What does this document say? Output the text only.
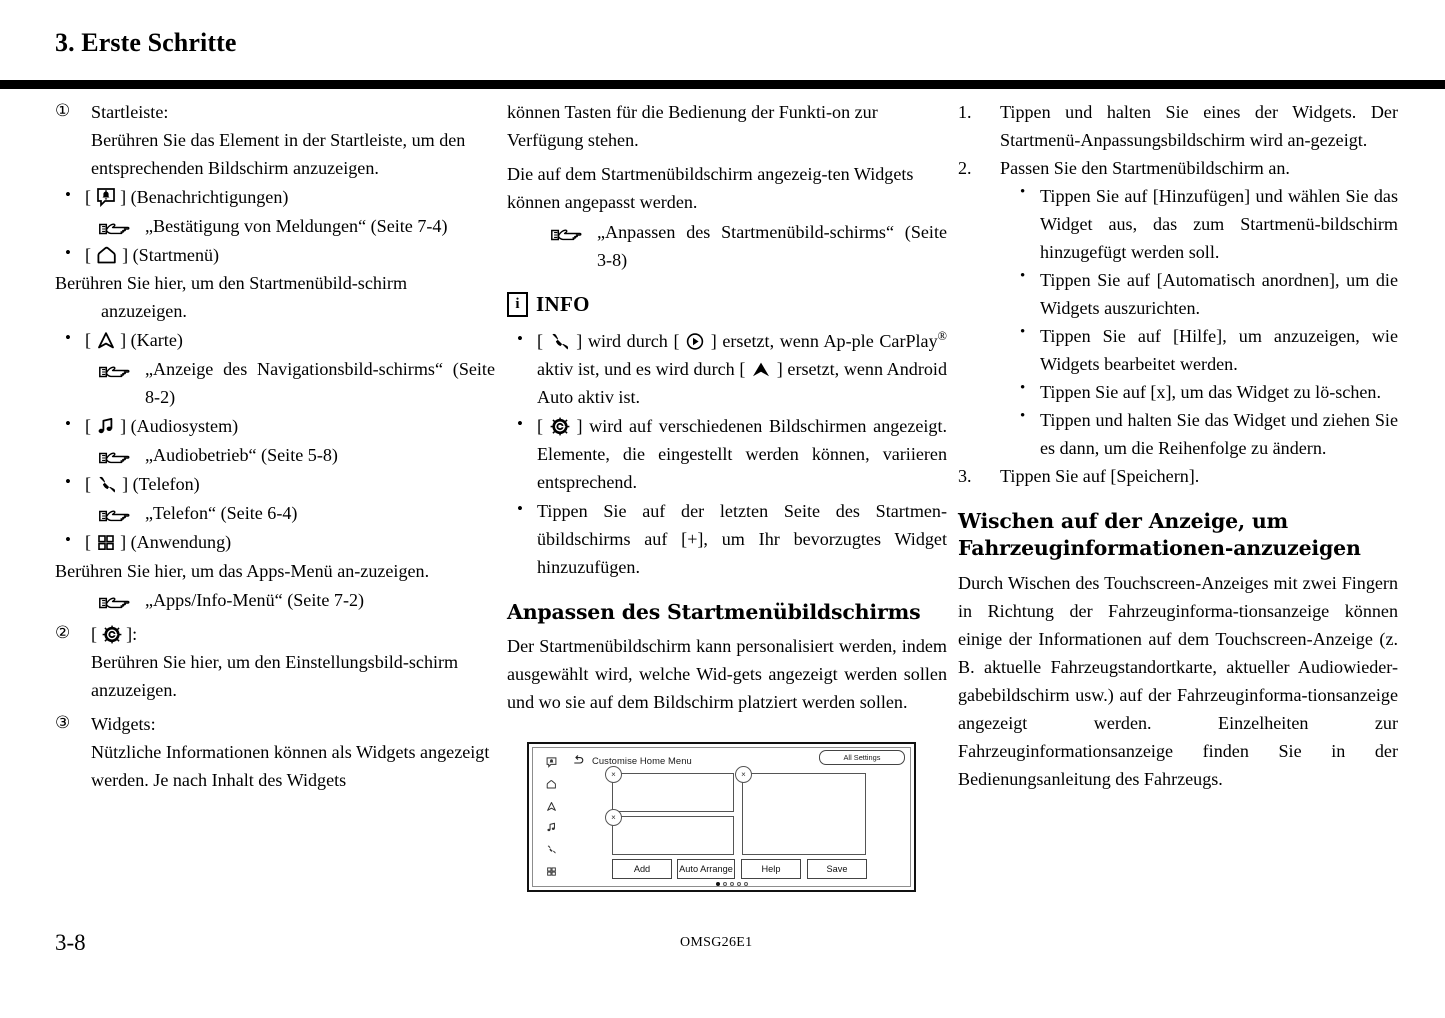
3. Erste Schritte
①	Startleiste:
Berühren Sie das Element in der Startleiste, um den entsprechenden Bildschirm anzuzeigen.
• [
] (Benachrichtigungen)
„Bestätigung von Meldungen“ (Seite 7-4)
• [
] (Startmenü)
Berühren Sie hier, um den Startmenübild-schirm anzuzeigen.
• [
] (Karte)
„Anzeige des Navigationsbild-schirms“ (Seite 8-2)
• [
] (Audiosystem)
„Audiobetrieb“ (Seite 5-8)
• [
] (Telefon)
„Telefon“ (Seite 6-4)
• [
] (Anwendung)
Berühren Sie hier, um das Apps-Menü an-zuzeigen.
„Apps/Info-Menü“ (Seite 7-2)
②	[ ]:
Berühren Sie hier, um den Einstellungsbild-schirm anzuzeigen.
③	Widgets:
Nützliche Informationen können als Widgets angezeigt werden. Je nach Inhalt des Widgets

können Tasten für die Bedienung der Funkti-on zur Verfügung stehen.

Die auf dem Startmenübildschirm angezeig-ten Widgets können angepasst werden.

„Anpassen des Startmenübild-schirms“ (Seite 3-8)
i INFO
• [ ] wird durch [ ] ersetzt, wenn Ap-ple CarPlay® aktiv ist, und es wird durch [ ] ersetzt, wenn Android Auto aktiv ist.
• [ ] wird auf verschiedenen Bildschirmen angezeigt. Elemente, die eingestellt werden können, variieren entsprechend.
• Tippen Sie auf der letzten Seite des Startmen-übildschirms auf [+], um Ihr bevorzugtes Widget hinzuzufügen.
Anpassen des Startmenübildschirms

Der Startmenübildschirm kann personalisiert werden, indem ausgewählt wird, welche Wid-gets angezeigt werden sollen und wo sie auf dem Bildschirm platziert werden sollen.

1.	Tippen und halten Sie eines der Widgets. Der Startmenü-Anpassungsbildschirm wird an-gezeigt.
2.	Passen Sie den Startmenübildschirm an.
• Tippen Sie auf [Hinzufügen] und wählen Sie das Widget aus, das zum Startmenü-bildschirm hinzugefügt werden soll.
• Tippen Sie auf [Automatisch anordnen], um die Widgets auszurichten.
• Tippen Sie auf [Hilfe], um anzuzeigen, wie Widgets bearbeitet werden.
• Tippen Sie auf [x], um das Widget zu lö-schen.
• Tippen und halten Sie das Widget und ziehen Sie es dann, um die Reihenfolge zu ändern.
3.	Tippen Sie auf [Speichern].
Wischen auf der Anzeige, um Fahrzeuginformationen-anzuzeigen

Durch Wischen des Touchscreen-Anzeiges mit zwei Fingern in Richtung der Fahrzeuginforma-tionsanzeige können einige der Informationen auf dem Touchscreen-Anzeige (z. B. aktuelle Fahrzeugstandortkarte, aktueller Audiowieder-gabebildschirm usw.) auf der Fahrzeuginforma-tionsanzeige angezeigt werden. Einzelheiten zur Fahrzeuginformationsanzeige finden Sie in der Bedienungsanleitung des Fahrzeugs.

Customise Home Menu	All Settings
×
×
×
Add	Auto Arrange	Help	Save
3-8	OMSG26E1
